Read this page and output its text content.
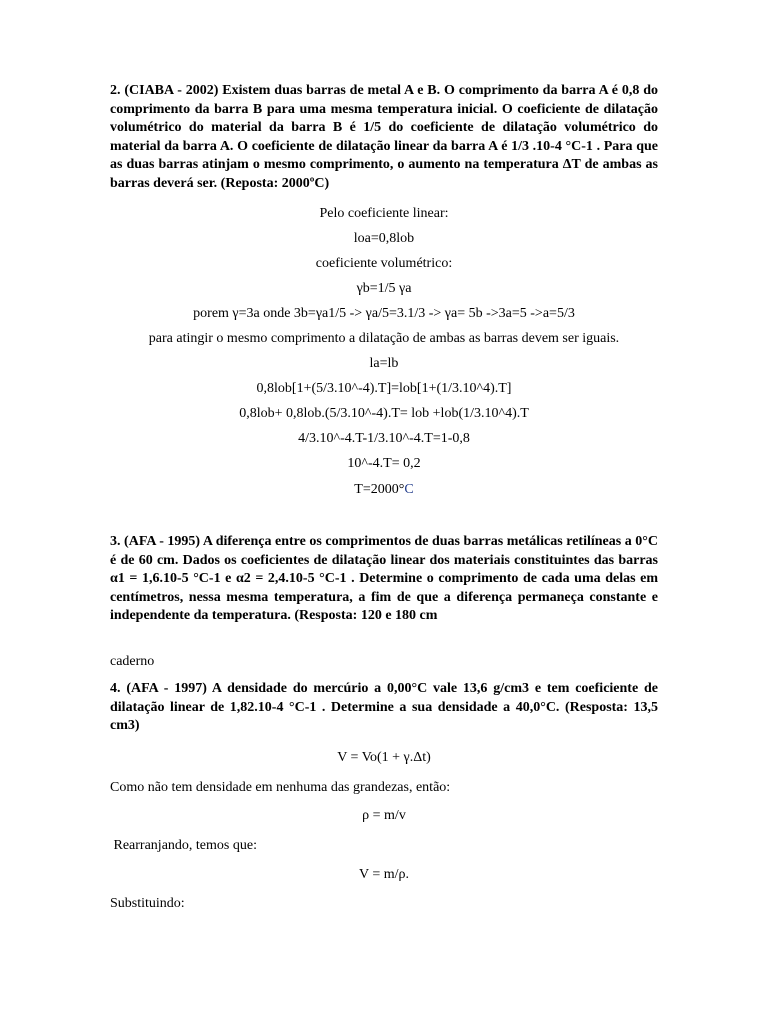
2. (CIABA - 2002) Existem duas barras de metal A e B. O comprimento da barra A é 0,8 do comprimento da barra B para uma mesma temperatura inicial. O coeficiente de dilatação volumétrico do material da barra B é 1/5 do coeficiente de dilatação volumétrico do material da barra A. O coeficiente de dilatação linear da barra A é 1/3 .10-4 °C-1 . Para que as duas barras atinjam o mesmo comprimento, o aumento na temperatura ΔT de ambas as barras deverá ser. (Reposta: 2000ºC)
Pelo coeficiente linear:
loa=0,8lob
coeficiente volumétrico:
γb=1/5 γa
porem γ=3a onde 3b=γa1/5 -> γa/5=3.1/3 -> γa= 5b ->3a=5 ->a=5/3
para atingir o mesmo comprimento a dilatação de ambas as barras devem ser iguais.
la=lb
0,8lob[1+(5/3.10^-4).T]=lob[1+(1/3.10^4).T]
0,8lob+ 0,8lob.(5/3.10^-4).T= lob +lob(1/3.10^4).T
4/3.10^-4.T-1/3.10^-4.T=1-0,8
10^-4.T= 0,2
T=2000°C
3. (AFA - 1995) A diferença entre os comprimentos de duas barras metálicas retilíneas a 0°C é de 60 cm. Dados os coeficientes de dilatação linear dos materiais constituintes das barras α1 = 1,6.10-5 °C-1 e α2 = 2,4.10-5 °C-1 . Determine o comprimento de cada uma delas em centímetros, nessa mesma temperatura, a fim de que a diferença permaneça constante e independente da temperatura. (Resposta: 120 e 180 cm
caderno
4. (AFA - 1997) A densidade do mercúrio a 0,00°C vale 13,6 g/cm3 e tem coeficiente de dilatação linear de 1,82.10-4 °C-1 . Determine a sua densidade a 40,0°C. (Resposta: 13,5 cm3)
V = Vo(1 + γ.Δt)
Como não tem densidade em nenhuma das grandezas, então:
ρ = m/v
Rearranjando, temos que:
V = m/ρ.
Substituindo:
